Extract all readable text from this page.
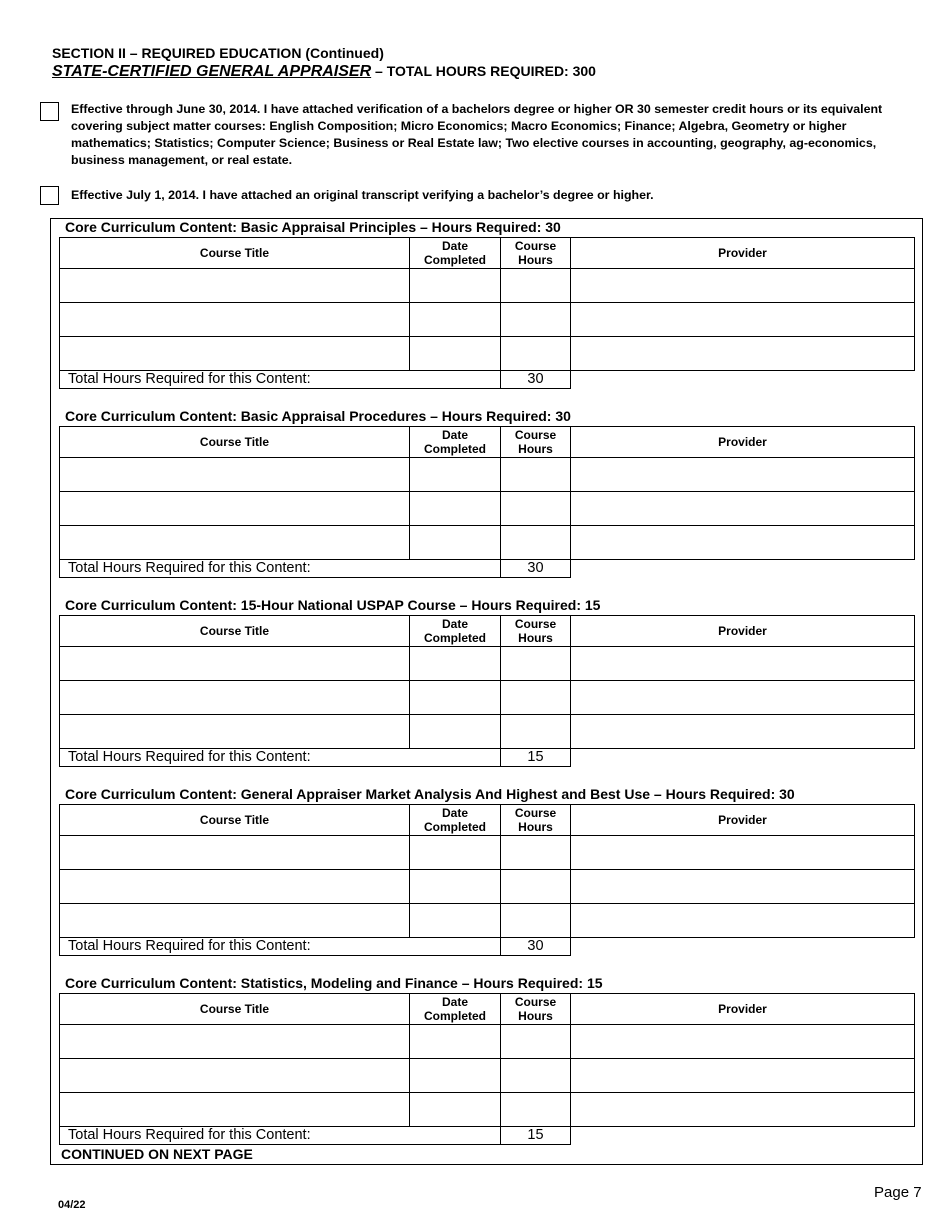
SECTION II – REQUIRED EDUCATION (Continued)
STATE-CERTIFIED GENERAL APPRAISER – TOTAL HOURS REQUIRED: 300
Effective through June 30, 2014. I have attached verification of a bachelors degree or higher OR 30 semester credit hours or its equivalent covering subject matter courses: English Composition; Micro Economics; Macro Economics; Finance; Algebra, Geometry or higher mathematics; Statistics; Computer Science; Business or Real Estate law; Two elective courses in accounting, geography, ag-economics, business management, or real estate.
Effective July 1, 2014. I have attached an original transcript verifying a bachelor’s degree or higher.
Core Curriculum Content: Basic Appraisal Principles – Hours Required: 30
Course Title	Date Completed	Course Hours	Provider

Total Hours Required for this Content:		30	
Core Curriculum Content: Basic Appraisal Procedures – Hours Required: 30
Course Title	Date Completed	Course Hours	Provider

Total Hours Required for this Content:		30	
Core Curriculum Content: 15-Hour National USPAP Course – Hours Required: 15
Course Title	Date Completed	Course Hours	Provider

Total Hours Required for this Content:		15	
Core Curriculum Content: General Appraiser Market Analysis And Highest and Best Use – Hours Required: 30
Course Title	Date Completed	Course Hours	Provider

Total Hours Required for this Content:		30	
Core Curriculum Content: Statistics, Modeling and Finance – Hours Required: 15
Course Title	Date Completed	Course Hours	Provider

Total Hours Required for this Content:		15	
CONTINUED ON NEXT PAGE
04/22
Page 7
